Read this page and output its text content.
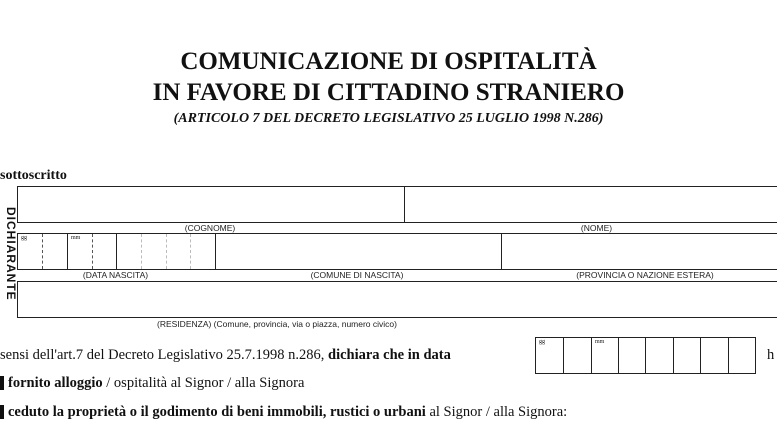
COMUNICAZIONE DI OSPITALITÀ
IN FAVORE DI CITTADINO STRANIERO
(ARTICOLO 7 DEL DECRETO LEGISLATIVO 25 LUGLIO 1998 N.286)
sottoscritto
DICHIARANTE	(COGNOME)	(NOME)
gg	mm
(DATA NASCITA)	(COMUNE DI NASCITA)	(PROVINCIA O NAZIONE ESTERA)
(RESIDENZA) (Comune, provincia, via o piazza, numero civico)
sensi dell'art.7 del Decreto Legislativo 25.7.1998 n.286, dichiara che in data
gg	mm
h
fornito alloggio / ospitalità al Signor / alla Signora
ceduto la proprietà o il godimento di beni immobili, rustici o urbani al Signor / alla Signora:
